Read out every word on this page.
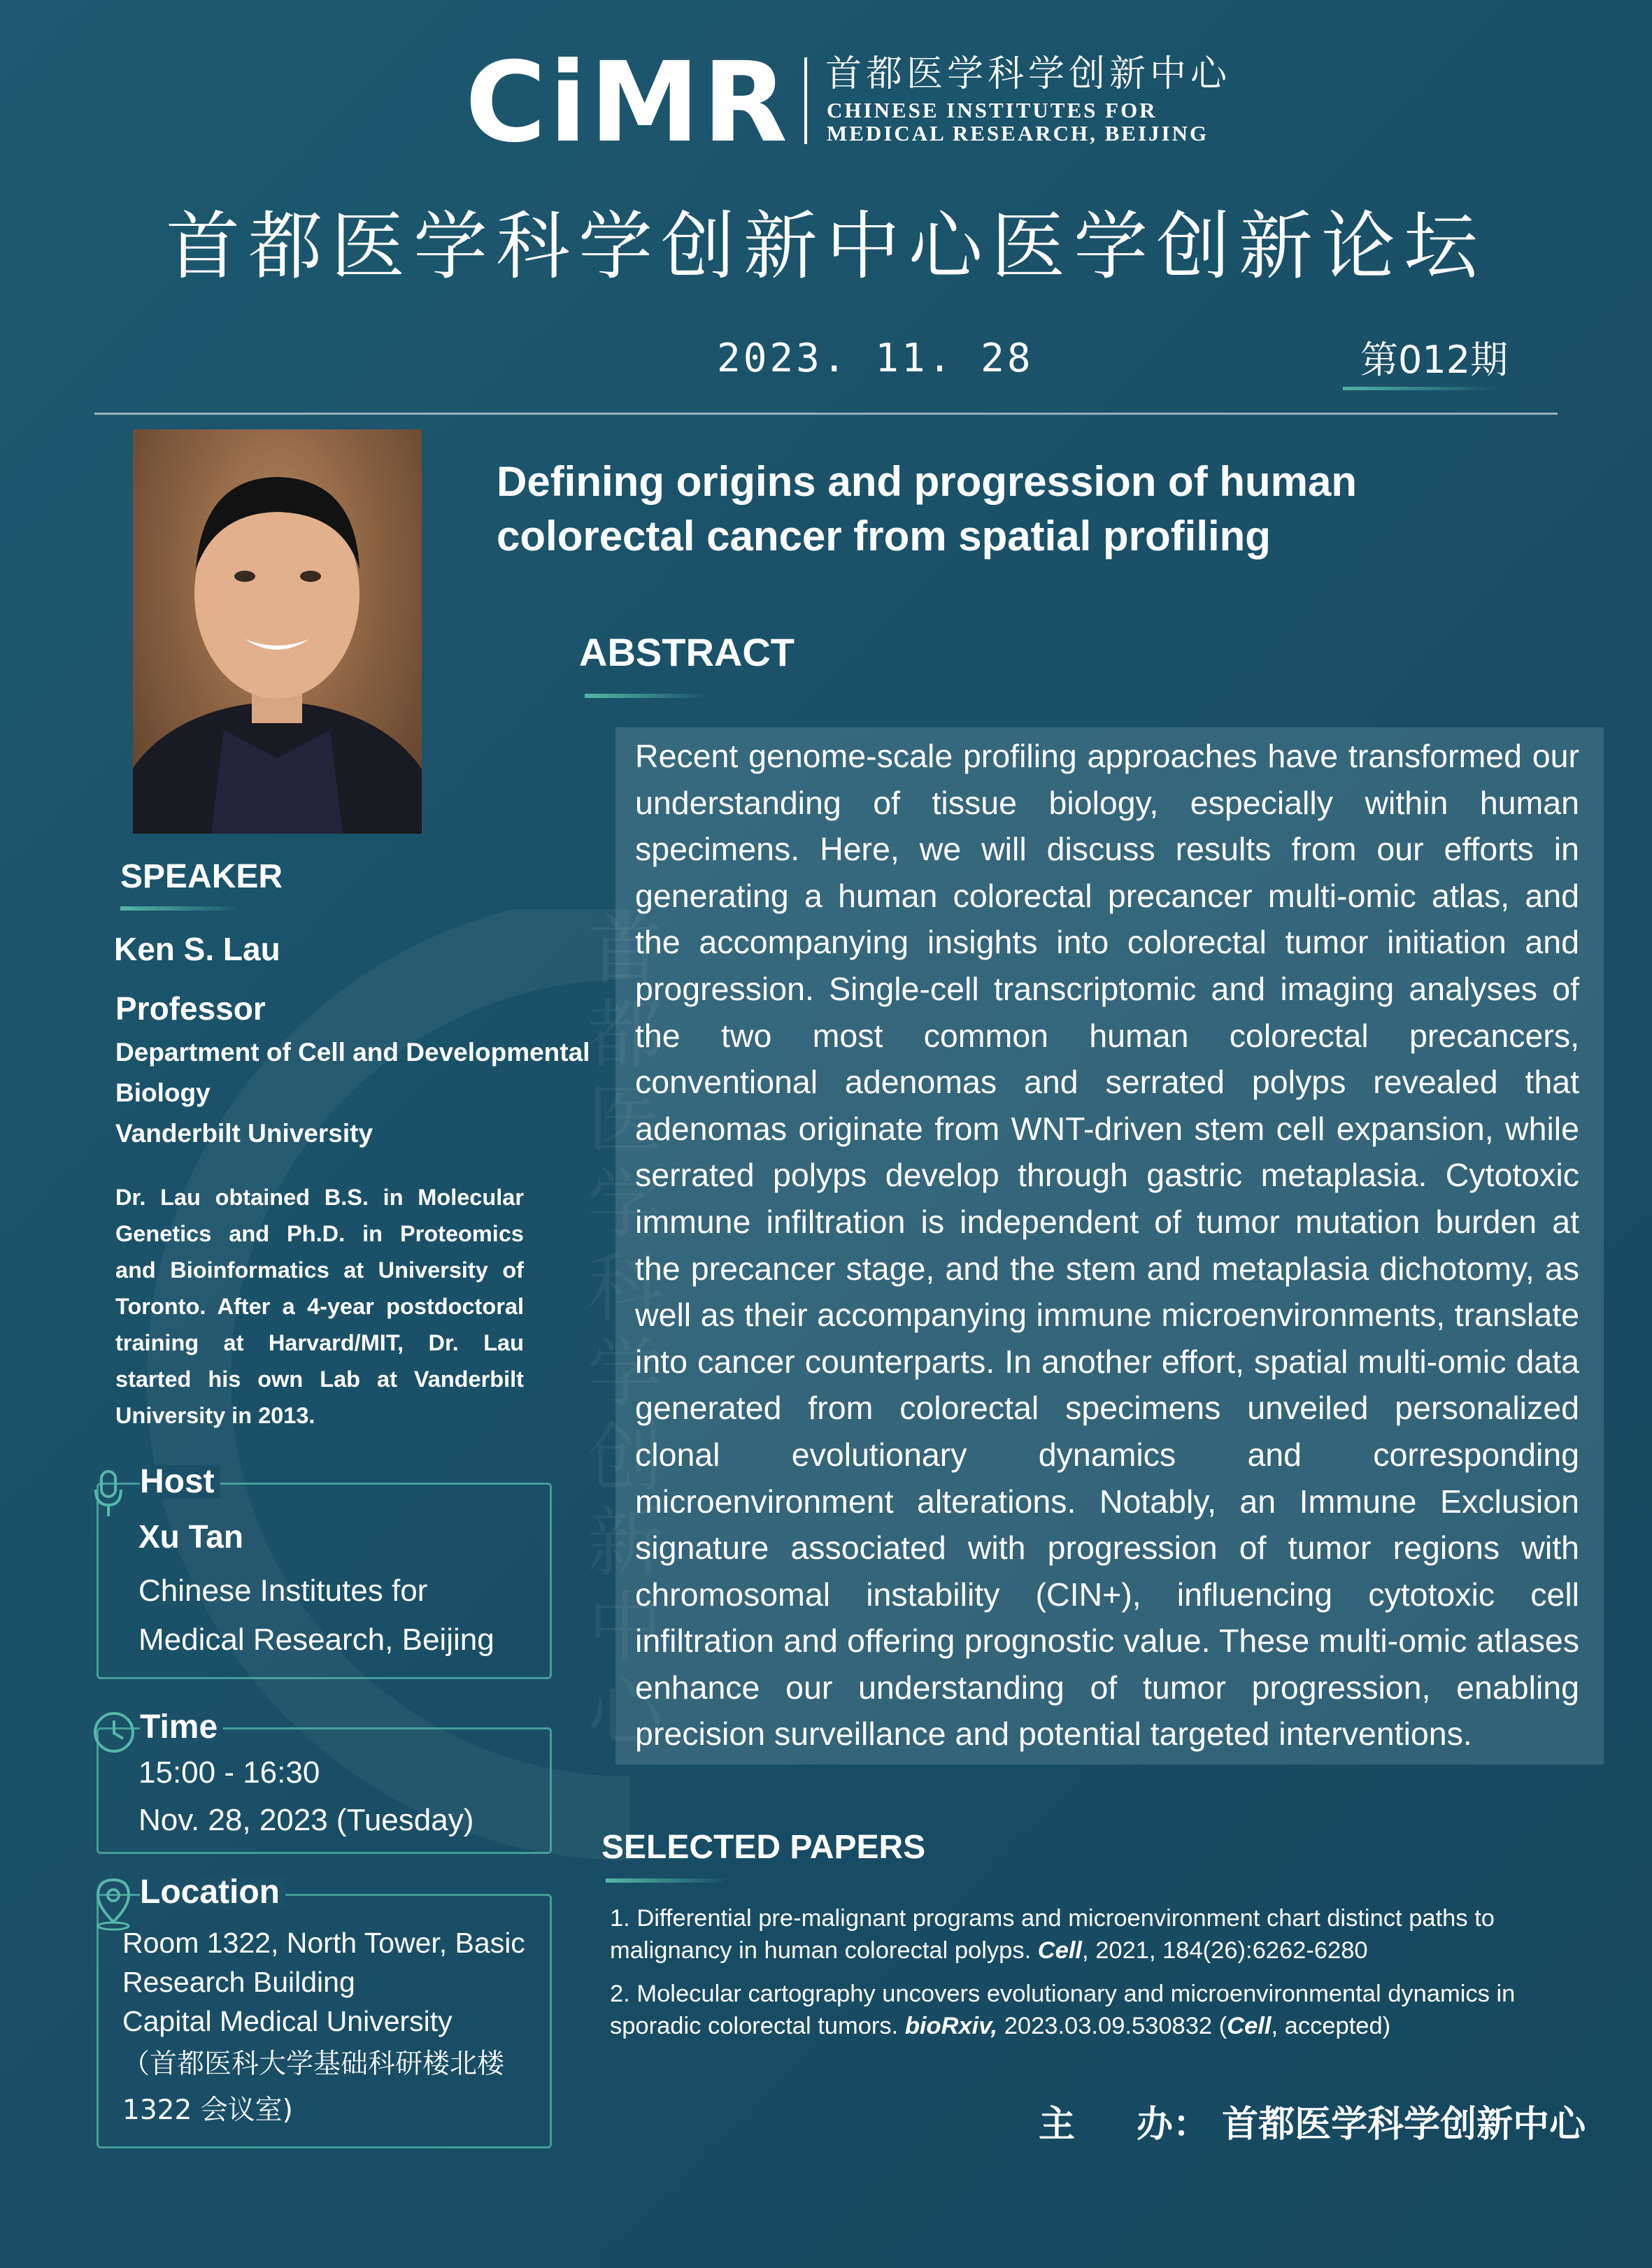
首都医学科学创新中心
CiMR 首都医学科学创新中心
CHINESE INSTITUTES FOR
MEDICAL RESEARCH, BEIJING
首都医学科学创新中心医学创新论坛
2023. 11. 28	第012期
Defining origins and progression of human
colorectal cancer from spatial profiling
ABSTRACT
Recent genome-scale profiling approaches have transformed our understanding of tissue biology, especially within human specimens. Here, we will discuss results from our efforts in generating a human colorectal precancer multi-omic atlas, and the accompanying insights into colorectal tumor initiation and progression. Single-cell transcriptomic and imaging analyses of the two most common human colorectal precancers, conventional adenomas and serrated polyps revealed that adenomas originate from WNT-driven stem cell expansion, while serrated polyps develop through gastric metaplasia. Cytotoxic immune infiltration is independent of tumor mutation burden at the precancer stage, and the stem and metaplasia dichotomy, as well as their accompanying immune microenvironments, translate into cancer counterparts. In another effort, spatial multi-omic data generated from colorectal specimens unveiled personalized clonal evolutionary dynamics and corresponding microenvironment alterations. Notably, an Immune Exclusion signature associated with progression of tumor regions with chromosomal instability (CIN+), influencing cytotoxic cell infiltration and offering prognostic value. These multi-omic atlases enhance our understanding of tumor progression, enabling precision surveillance and potential targeted interventions.
SPEAKER
Ken S. Lau
Professor
Department of Cell and Developmental
Biology
Vanderbilt University
Dr. Lau obtained B.S. in Molecular Genetics and Ph.D. in Proteomics and Bioinformatics at University of Toronto. After a 4-year postdoctoral training at Harvard/MIT, Dr. Lau started his own Lab at Vanderbilt University in 2013.
Host
Xu Tan
Chinese Institutes for
Medical Research, Beijing
Time
15:00 - 16:30
Nov. 28, 2023 (Tuesday)
Location
Room 1322, North Tower, Basic
Research Building
Capital Medical University
（首都医科大学基础科研楼北楼
1322 会议室)
SELECTED PAPERS
1. Differential pre-malignant programs and microenvironment chart distinct paths to malignancy in human colorectal polyps. Cell, 2021, 184(26):6262-6280
2. Molecular cartography uncovers evolutionary and microenvironmental dynamics in sporadic colorectal tumors. bioRxiv, 2023.03.09.530832 (Cell, accepted)
主 办： 首都医学科学创新中心
